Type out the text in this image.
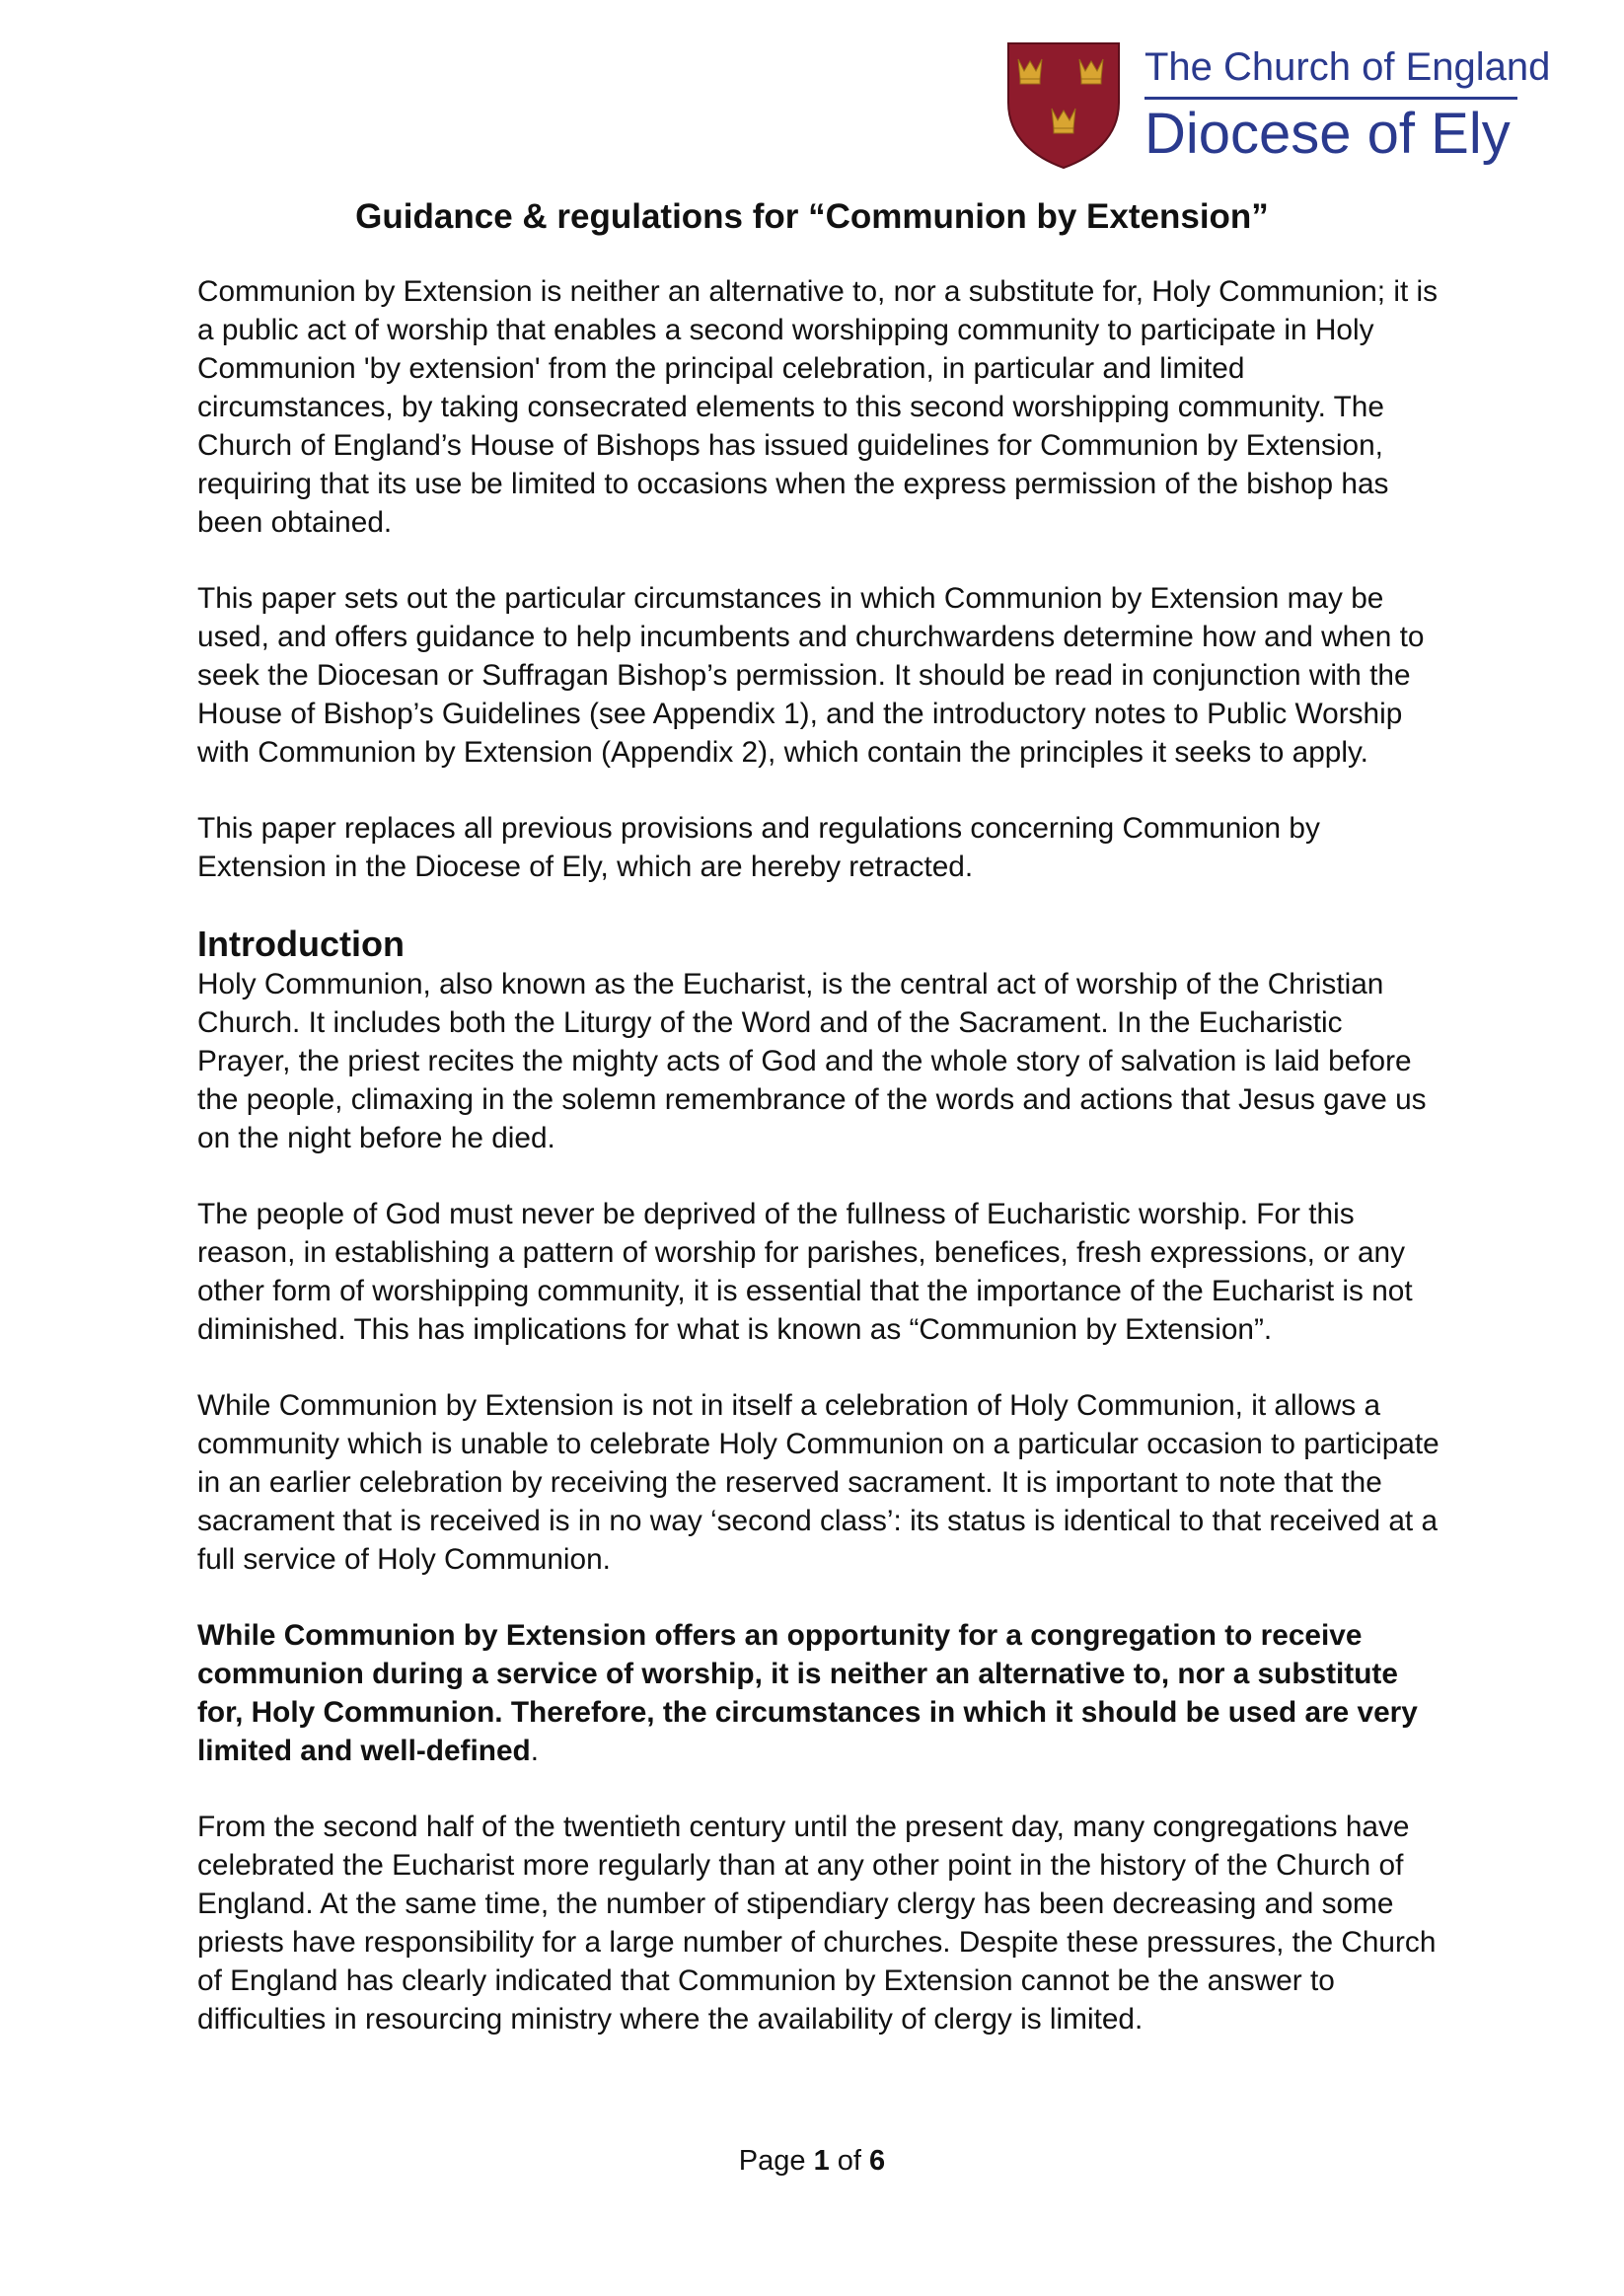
The Church of England
Diocese of Ely
Guidance & regulations for “Communion by Extension”

Communion by Extension is neither an alternative to, nor a substitute for, Holy Communion; it is a public act of worship that enables a second worshipping community to participate in Holy Communion 'by extension' from the principal celebration, in particular and limited circumstances, by taking consecrated elements to this second worshipping community. The Church of England’s House of Bishops has issued guidelines for Communion by Extension, requiring that its use be limited to occasions when the express permission of the bishop has been obtained.

This paper sets out the particular circumstances in which Communion by Extension may be used, and offers guidance to help incumbents and churchwardens determine how and when to seek the Diocesan or Suffragan Bishop’s permission. It should be read in conjunction with the House of Bishop’s Guidelines (see Appendix 1), and the introductory notes to Public Worship with Communion by Extension (Appendix 2), which contain the principles it seeks to apply.

This paper replaces all previous provisions and regulations concerning Communion by Extension in the Diocese of Ely, which are hereby retracted.

Introduction

Holy Communion, also known as the Eucharist, is the central act of worship of the Christian Church. It includes both the Liturgy of the Word and of the Sacrament. In the Eucharistic Prayer, the priest recites the mighty acts of God and the whole story of salvation is laid before the people, climaxing in the solemn remembrance of the words and actions that Jesus gave us on the night before he died.

The people of God must never be deprived of the fullness of Eucharistic worship. For this reason, in establishing a pattern of worship for parishes, benefices, fresh expressions, or any other form of worshipping community, it is essential that the importance of the Eucharist is not diminished. This has implications for what is known as “Communion by Extension”.

While Communion by Extension is not in itself a celebration of Holy Communion, it allows a community which is unable to celebrate Holy Communion on a particular occasion to participate in an earlier celebration by receiving the reserved sacrament. It is important to note that the sacrament that is received is in no way ‘second class’: its status is identical to that received at a full service of Holy Communion.

While Communion by Extension offers an opportunity for a congregation to receive communion during a service of worship, it is neither an alternative to, nor a substitute for, Holy Communion. Therefore, the circumstances in which it should be used are very limited and well-defined.

From the second half of the twentieth century until the present day, many congregations have celebrated the Eucharist more regularly than at any other point in the history of the Church of England. At the same time, the number of stipendiary clergy has been decreasing and some priests have responsibility for a large number of churches. Despite these pressures, the Church of England has clearly indicated that Communion by Extension cannot be the answer to difficulties in resourcing ministry where the availability of clergy is limited.

Page 1 of 6
